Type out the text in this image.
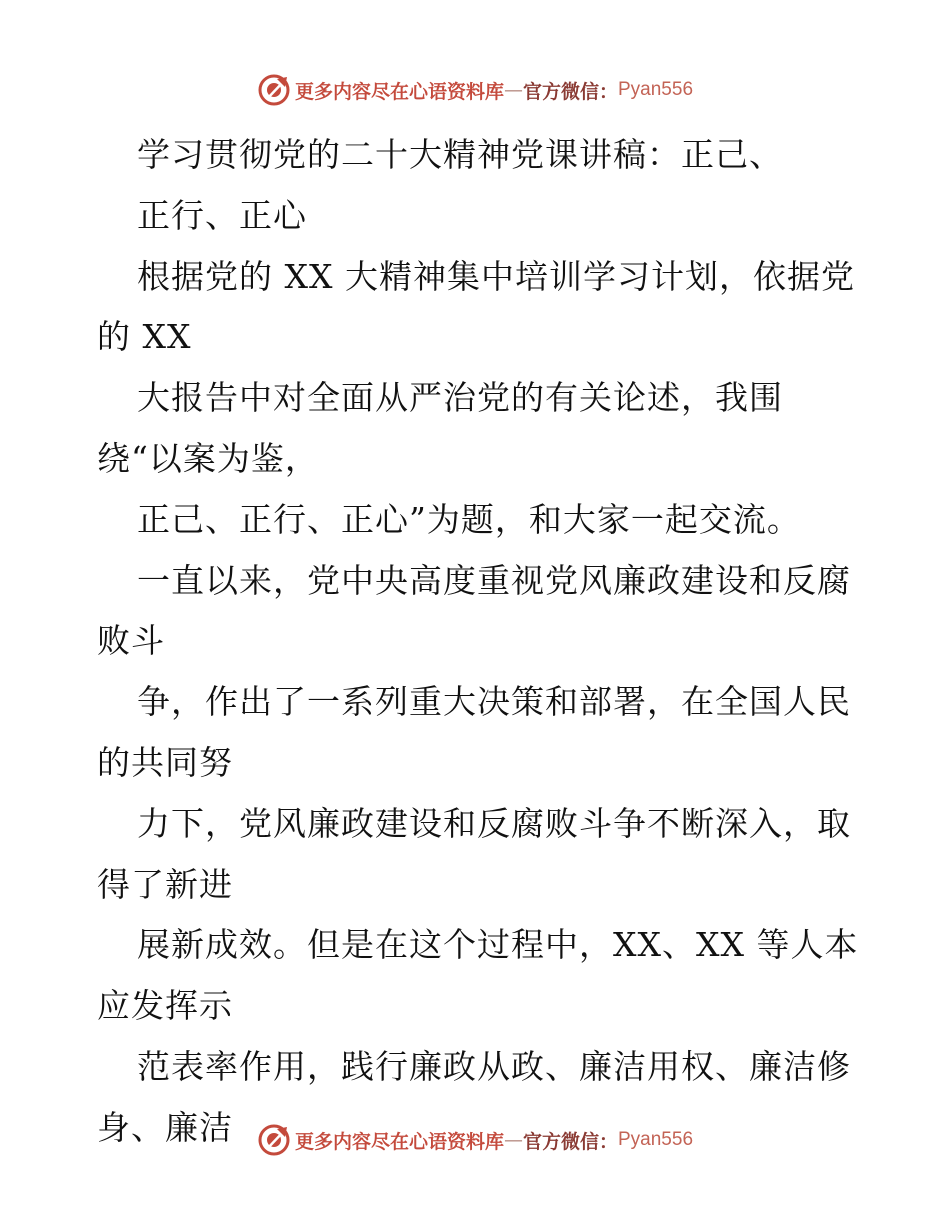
更多内容尽在心语资料库 — 官方微信： Pyan556
学习贯彻党的二十大精神党课讲稿：正己、
正行、正心
根据党的 XX 大精神集中培训学习计划，依据党
的 XX
大报告中对全面从严治党的有关论述，我围
绕“以案为鉴，
正己、正行、正心”为题，和大家一起交流。
一直以来，党中央高度重视党风廉政建设和反腐
败斗
争，作出了一系列重大决策和部署，在全国人民
的共同努
力下，党风廉政建设和反腐败斗争不断深入，取
得了新进
展新成效。但是在这个过程中，XX、XX 等人本
应发挥示
范表率作用，践行廉政从政、廉洁用权、廉洁修
身、廉洁	更多内容尽在心语资料库 — 官方微信： Pyan556
